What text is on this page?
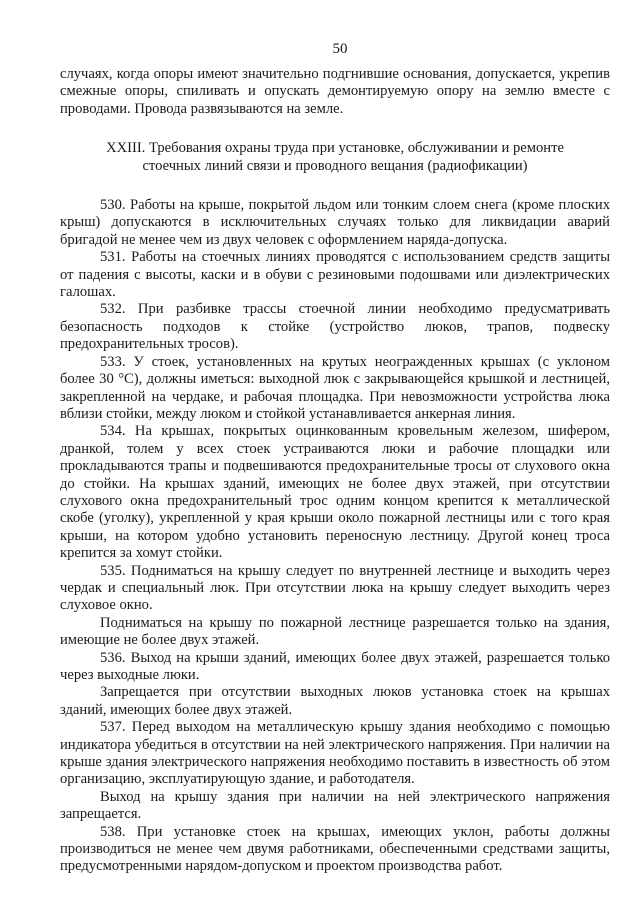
50

случаях, когда опоры имеют значительно подгнившие основания, допускается, укрепив смежные опоры, спиливать и опускать демонтируемую опору на землю вместе с проводами. Провода развязываются на земле.

XXIII. Требования охраны труда при установке, обслуживании и ремонте
стоечных линий связи и проводного вещания (радиофикации)

530. Работы на крыше, покрытой льдом или тонким слоем снега (кроме плоских крыш) допускаются в исключительных случаях только для ликвидации аварий бригадой не менее чем из двух человек с оформлением наряда-допуска.

531. Работы на стоечных линиях проводятся с использованием средств защиты от падения с высоты, каски и в обуви с резиновыми подошвами или диэлектрических галошах.

532. При разбивке трассы стоечной линии необходимо предусматривать безопасность подходов к стойке (устройство люков, трапов, подвеску предохранительных тросов).

533. У стоек, установленных на крутых неогражденных крышах (с уклоном более 30 °С), должны иметься: выходной люк с закрывающейся крышкой и лестницей, закрепленной на чердаке, и рабочая площадка. При невозможности устройства люка вблизи стойки, между люком и стойкой устанавливается анкерная линия.

534. На крышах, покрытых оцинкованным кровельным железом, шифером, дранкой, толем у всех стоек устраиваются люки и рабочие площадки или прокладываются трапы и подвешиваются предохранительные тросы от слухового окна до стойки. На крышах зданий, имеющих не более двух этажей, при отсутствии слухового окна предохранительный трос одним концом крепится к металлической скобе (уголку), укрепленной у края крыши около пожарной лестницы или с того края крыши, на котором удобно установить переносную лестницу. Другой конец троса крепится за хомут стойки.

535. Подниматься на крышу следует по внутренней лестнице и выходить через чердак и специальный люк. При отсутствии люка на крышу следует выходить через слуховое окно.

Подниматься на крышу по пожарной лестнице разрешается только на здания, имеющие не более двух этажей.

536. Выход на крыши зданий, имеющих более двух этажей, разрешается только через выходные люки.

Запрещается при отсутствии выходных люков установка стоек на крышах зданий, имеющих более двух этажей.

537. Перед выходом на металлическую крышу здания необходимо с помощью индикатора убедиться в отсутствии на ней электрического напряжения. При наличии на крыше здания электрического напряжения необходимо поставить в известность об этом организацию, эксплуатирующую здание, и работодателя.

Выход на крышу здания при наличии на ней электрического напряжения запрещается.

538. При установке стоек на крышах, имеющих уклон, работы должны производиться не менее чем двумя работниками, обеспеченными средствами защиты, предусмотренными нарядом-допуском и проектом производства работ.
